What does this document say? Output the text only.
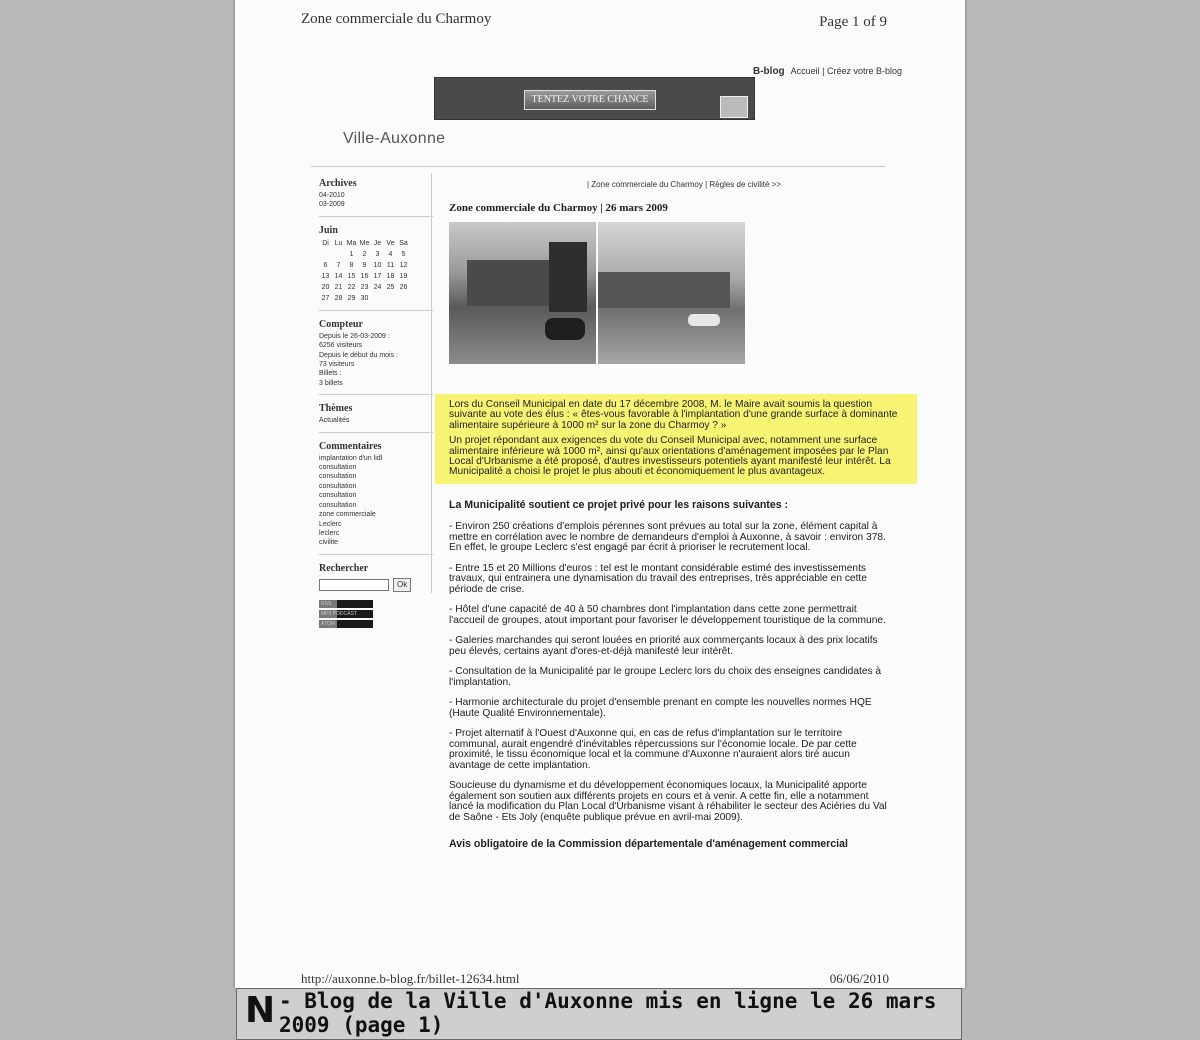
Zone commerciale du Charmoy	Page 1 of 9
B-blog Accueil | Créez votre B-blog
TENTEZ VOTRE CHANCE
Ville-Auxonne
Archives
04-2010
03-2009
Juin
Di	Lu	Ma	Me	Je	Ve	Sa
		1	2	3	4	5
6	7	8	9	10	11	12
13	14	15	16	17	18	19
20	21	22	23	24	25	26
27	28	29	30			
Compteur
Depuis le 26-03-2009 :
6256 visiteurs
Depuis le début du mois :
73 visiteurs
Billets :
3 billets
Thèmes
Actualités
Commentaires
implantation d'un lidl
consultation
consultation
consultation
consultation
consultation
zone commerciale
Leclerc
leclerc
civilite
Rechercher
Ok
RSS
MP3 PODCAST
ATOM
| Zone commerciale du Charmoy | Règles de civilité >>
Zone commerciale du Charmoy | 26 mars 2009

Lors du Conseil Municipal en date du 17 décembre 2008, M. le Maire avait soumis la question suivante au vote des élus : « êtes-vous favorable à l'implantation d'une grande surface à dominante alimentaire supérieure à 1000 m² sur la zone du Charmoy ? »

Un projet répondant aux exigences du vote du Conseil Municipal avec, notamment une surface alimentaire inférieure wà 1000 m², ainsi qu'aux orientations d'aménagement imposées par le Plan Local d'Urbanisme a été proposé, d'autres investisseurs potentiels ayant manifesté leur intérêt. La Municipalité a choisi le projet le plus abouti et économiquement le plus avantageux.

La Municipalité soutient ce projet privé pour les raisons suivantes :

- Environ 250 créations d'emplois pérennes sont prévues au total sur la zone, élément capital à mettre en corrélation avec le nombre de demandeurs d'emploi à Auxonne, à savoir : environ 378. En effet, le groupe Leclerc s'est engagé par écrit à prioriser le recrutement local.

- Entre 15 et 20 Millions d'euros : tel est le montant considérable estimé des investissements travaux, qui entrainera une dynamisation du travail des entreprises, très appréciable en cette période de crise.

- Hôtel d'une capacité de 40 à 50 chambres dont l'implantation dans cette zone permettrait l'accueil de groupes, atout important pour favoriser le développement touristique de la commune.

- Galeries marchandes qui seront louées en priorité aux commerçants locaux à des prix locatifs peu élevés, certains ayant d'ores-et-déjà manifesté leur intérêt.

- Consultation de la Municipalité par le groupe Leclerc lors du choix des enseignes candidates à l'implantation.

- Harmonie architecturale du projet d'ensemble prenant en compte les nouvelles normes HQE (Haute Qualité Environnementale).

- Projet alternatif à l'Ouest d'Auxonne qui, en cas de refus d'implantation sur le territoire communal, aurait engendré d'inévitables répercussions sur l'économie locale. De par cette proximité, le tissu économique local et la commune d'Auxonne n'auraient alors tiré aucun avantage de cette implantation.

Soucieuse du dynamisme et du développement économiques locaux, la Municipalité apporte également son soutien aux différents projets en cours et à venir. A cette fin, elle a notamment lancé la modification du Plan Local d'Urbanisme visant à réhabiliter le secteur des Aciéries du Val de Saône - Ets Joly (enquête publique prévue en avril-mai 2009).

Avis obligatoire de la Commission départementale d'aménagement commercial

http://auxonne.b-blog.fr/billet-12634.html	06/06/2010
N - Blog de la Ville d'Auxonne mis en ligne le 26 mars 2009 (page 1)
